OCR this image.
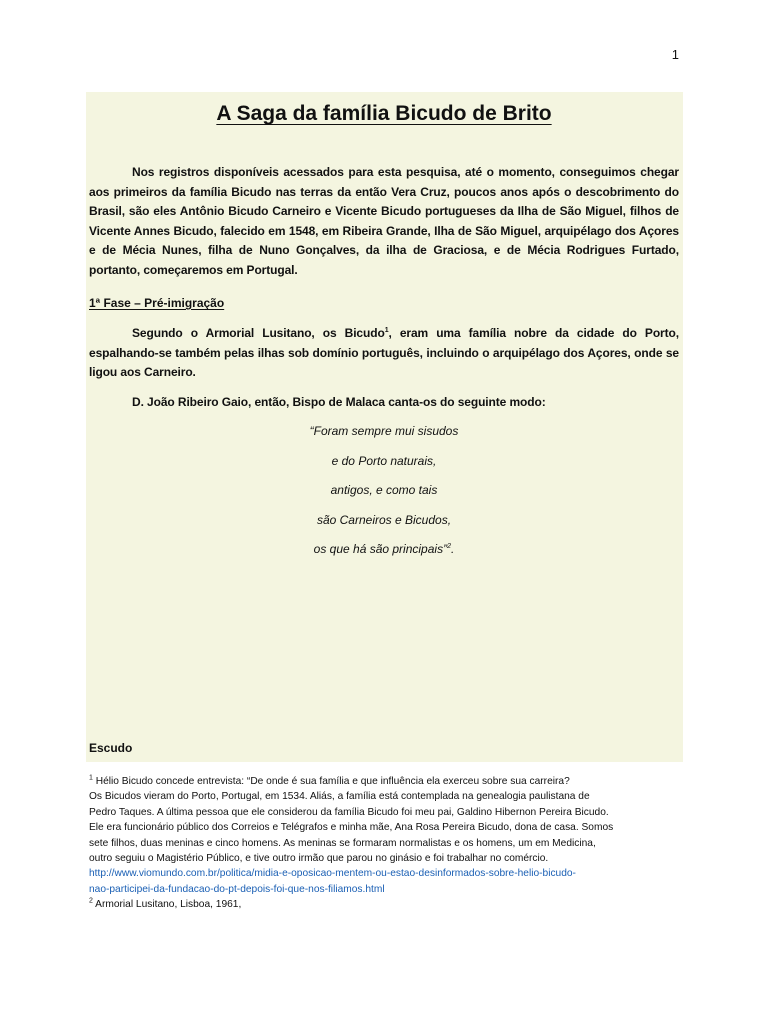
1
A Saga da família Bicudo de Brito

Nos registros disponíveis acessados para esta pesquisa, até o momento, conseguimos chegar aos primeiros da família Bicudo nas terras da então Vera Cruz, poucos anos após o descobrimento do Brasil, são eles Antônio Bicudo Carneiro e Vicente Bicudo portugueses da Ilha de São Miguel, filhos de Vicente Annes Bicudo, falecido em 1548, em Ribeira Grande, Ilha de São Miguel, arquipélago dos Açores e de Mécia Nunes, filha de Nuno Gonçalves, da ilha de Graciosa, e de Mécia Rodrigues Furtado, portanto, começaremos em Portugal.

1ª Fase – Pré-imigração

Segundo o Armorial Lusitano, os Bicudo$^1$, eram uma família nobre da cidade do Porto, espalhando-se também pelas ilhas sob domínio português, incluindo o arquipélago dos Açores, onde se ligou aos Carneiro.

D. João Ribeiro Gaio, então, Bispo de Malaca canta-os do seguinte modo:

“Foram sempre mui sisudos
e do Porto naturais,
antigos, e como tais
são Carneiros e Bicudos,
os que há são principais”$^2$.

Escudo

$^1$ Hélio Bicudo concede entrevista: “De onde é sua família e que influência ela exerceu sobre sua carreira?

Os Bicudos vieram do Porto, Portugal, em 1534. Aliás, a família está contemplada na genealogia paulistana de

Pedro Taques. A última pessoa que ele considerou da família Bicudo foi meu pai, Galdino Hibernon Pereira Bicudo.

Ele era funcionário público dos Correios e Telégrafos e minha mãe, Ana Rosa Pereira Bicudo, dona de casa. Somos

sete filhos, duas meninas e cinco homens. As meninas se formaram normalistas e os homens, um em Medicina,

outro seguiu o Magistério Público, e tive outro irmão que parou no ginásio e foi trabalhar no comércio.

http://www.viomundo.com.br/politica/midia-e-oposicao-mentem-ou-estao-desinformados-sobre-helio-bicudo-

nao-participei-da-fundacao-do-pt-depois-foi-que-nos-filiamos.html

$^2$ Armorial Lusitano, Lisboa, 1961,
